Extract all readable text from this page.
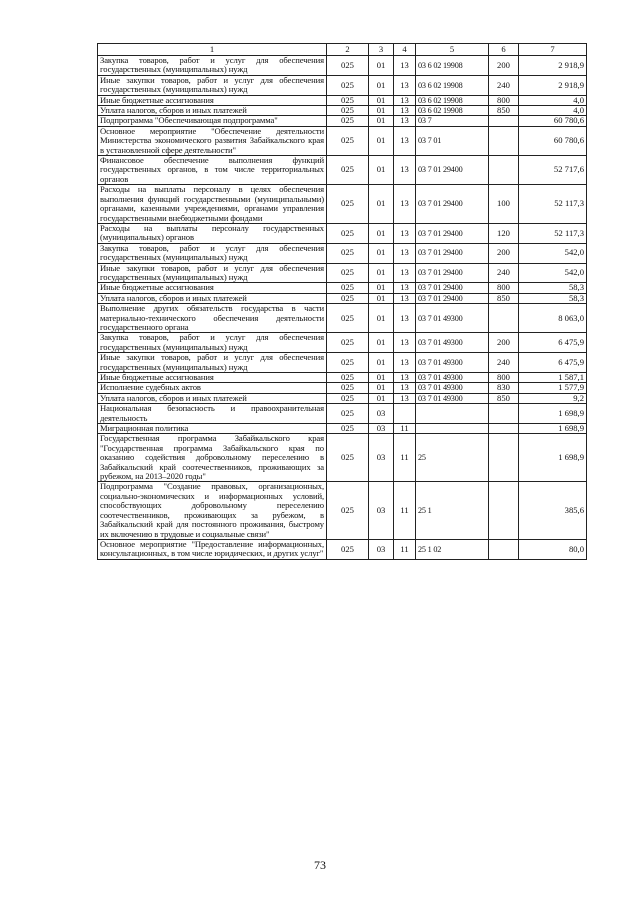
1	2	3	4	5	6	7
Закупка товаров, работ и услуг для обеспечения государственных (муниципальных) нужд	025	01	13	03 6 02 19908	200	2 918,9
Иные закупки товаров, работ и услуг для обеспечения государственных (муниципальных) нужд	025	01	13	03 6 02 19908	240	2 918,9
Иные бюджетные ассигнования	025	01	13	03 6 02 19908	800	4,0
Уплата налогов, сборов и иных платежей	025	01	13	03 6 02 19908	850	4,0
Подпрограмма "Обеспечивающая подпрограмма"	025	01	13	03 7		60 780,6
Основное мероприятие "Обеспечение деятельности Министерства экономического развития Забайкальского края в установленной сфере деятельности"	025	01	13	03 7 01		60 780,6
Финансовое обеспечение выполнения функций государственных органов, в том числе территориальных органов	025	01	13	03 7 01 29400		52 717,6
Расходы на выплаты персоналу в целях обеспечения выполнения функций государственными (муниципальными) органами, казенными учреждениями, органами управления государственными внебюджетными фондами	025	01	13	03 7 01 29400	100	52 117,3
Расходы на выплаты персоналу государственных (муниципальных) органов	025	01	13	03 7 01 29400	120	52 117,3
Закупка товаров, работ и услуг для обеспечения государственных (муниципальных) нужд	025	01	13	03 7 01 29400	200	542,0
Иные закупки товаров, работ и услуг для обеспечения государственных (муниципальных) нужд	025	01	13	03 7 01 29400	240	542,0
Иные бюджетные ассигнования	025	01	13	03 7 01 29400	800	58,3
Уплата налогов, сборов и иных платежей	025	01	13	03 7 01 29400	850	58,3
Выполнение других обязательств государства в части материально-технического обеспечения деятельности государственного органа	025	01	13	03 7 01 49300		8 063,0
Закупка товаров, работ и услуг для обеспечения государственных (муниципальных) нужд	025	01	13	03 7 01 49300	200	6 475,9
Иные закупки товаров, работ и услуг для обеспечения государственных (муниципальных) нужд	025	01	13	03 7 01 49300	240	6 475,9
Иные бюджетные ассигнования	025	01	13	03 7 01 49300	800	1 587,1
Исполнение судебных актов	025	01	13	03 7 01 49300	830	1 577,9
Уплата налогов, сборов и иных платежей	025	01	13	03 7 01 49300	850	9,2
Национальная безопасность и правоохранительная деятельность	025	03				1 698,9
Миграционная политика	025	03	11			1 698,9
Государственная программа Забайкальского края "Государственная программа Забайкальского края по оказанию содействия добровольному переселению в Забайкальский край соотечественников, проживающих за рубежом, на 2013–2020 годы"	025	03	11	25		1 698,9
Подпрограмма "Создание правовых, организационных, социально-экономических и информационных условий, способствующих добровольному переселению соотечественников, проживающих за рубежом, в Забайкальский край для постоянного проживания, быстрому их включению в трудовые и социальные связи"	025	03	11	25 1		385,6
Основное мероприятие "Предоставление информационных, консультационных, в том числе юридических, и других услуг"	025	03	11	25 1 02		80,0
73
